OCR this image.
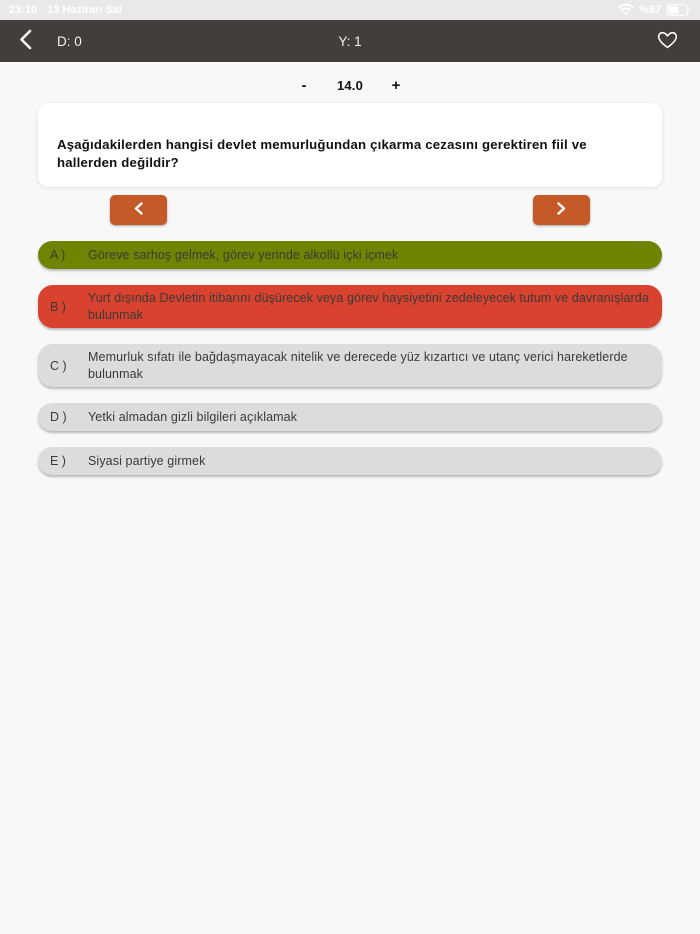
23:10 13 Haziran Sal	%57
D: 0	Y: 1
-	14.0 +
Aşağıdakilerden hangisi devlet memurluğundan çıkarma cezasını gerektiren fiil ve hallerden değildir?
A )	Göreve sarhoş gelmek, görev yerinde alkollü içki içmek
B )
Yurt dışında Devletin itibarını düşürecek veya görev haysiyetini zedeleyecek tutum ve davranışlarda bulunmak
C )
Memurluk sıfatı ile bağdaşmayacak nitelik ve derecede yüz kızartıcı ve utanç verici hareketlerde bulunmak
D )	Yetki almadan gizli bilgileri açıklamak
E )	Siyasi partiye girmek
